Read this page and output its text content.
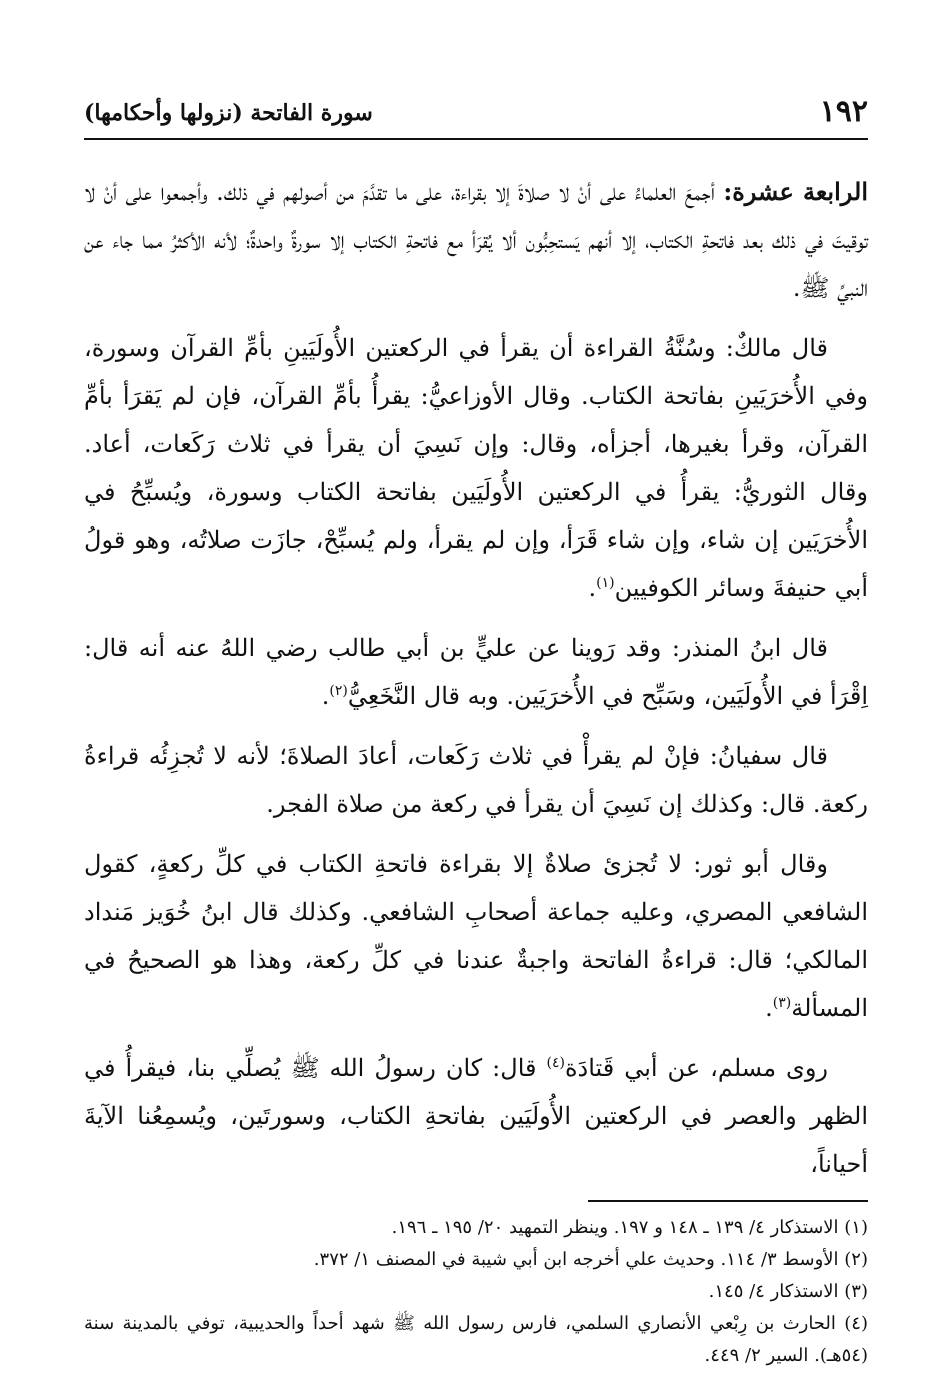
١٩٢
سورة الفاتحة (نزولها وأحكامها)

الرابعة عشرة: أجمعَ العلماءُ على أنْ لا صلاةَ إلا بقراءة، على ما تقدَّمَ من أصولهم في ذلك. وأجمعوا على أنْ لا توقيتَ في ذلك بعد فاتحةِ الكتاب، إلا أنهم يَستحِبُّون ألا يُقرَأ مع فاتحةِ الكتاب إلا سورةٌ واحدةٌ؛ لأنه الأكثرُ مما جاء عن النبيِّ ﷺ.

قال مالكٌ: وسُنَّةُ القراءة أن يقرأ في الركعتين الأُولَيَينِ بأمِّ القرآن وسورة، وفي الأُخرَيَينِ بفاتحة الكتاب. وقال الأوزاعيُّ: يقرأُ بأمِّ القرآن، فإن لم يَقرَأ بأمِّ القرآن، وقرأ بغيرها، أجزأه، وقال: وإن نَسِيَ أن يقرأ في ثلاث رَكَعات، أعاد. وقال الثوريُّ: يقرأُ في الركعتين الأُولَيَين بفاتحة الكتاب وسورة، ويُسبِّحُ في الأُخرَيَين إن شاء، وإن شاء قَرَأ، وإن لم يقرأ، ولم يُسبِّحْ، جازَت صلاتُه، وهو قولُ أبي حنيفةَ وسائر الكوفيين$^{(١)}$.

قال ابنُ المنذر: وقد رَوينا عن عليٍّ بن أبي طالب رضي اللهُ عنه أنه قال: اِقْرَأ في الأُولَيَين، وسَبِّح في الأُخرَيَين. وبه قال النَّخَعِيُّ$^{(٢)}$.

قال سفيانُ: فإنْ لم يقرأْ في ثلاث رَكَعات، أعادَ الصلاةَ؛ لأنه لا تُجزِئُه قراءةُ ركعة. قال: وكذلك إن نَسِيَ أن يقرأ في ركعة من صلاة الفجر.

وقال أبو ثور: لا تُجزئ صلاةٌ إلا بقراءة فاتحةِ الكتاب في كلِّ ركعةٍ، كقول الشافعي المصري، وعليه جماعة أصحابِ الشافعي. وكذلك قال ابنُ خُوَيز مَنداد المالكي؛ قال: قراءةُ الفاتحة واجبةٌ عندنا في كلِّ ركعة، وهذا هو الصحيحُ في المسألة$^{(٣)}$.

روى مسلم، عن أبي قَتادَة$^{(٤)}$ قال: كان رسولُ الله ﷺ يُصلِّي بنا، فيقرأُ في الظهر والعصر في الركعتين الأُولَيَين بفاتحةِ الكتاب، وسورتَين، ويُسمِعُنا الآيةَ أحياناً،

(١) الاستذكار ٤/ ١٣٩ ـ ١٤٨ و ١٩٧. وينظر التمهيد ٢٠/ ١٩٥ ـ ١٩٦.

(٢) الأوسط ٣/ ١١٤. وحديث علي أخرجه ابن أبي شيبة في المصنف ١/ ٣٧٢.

(٣) الاستذكار ٤/ ١٤٥.

(٤) الحارث بن رِبْعي الأنصاري السلمي، فارس رسول الله ﷺ شهد أحداً والحديبية، توفي بالمدينة سنة (٥٤هـ). السير ٢/ ٤٤٩.
